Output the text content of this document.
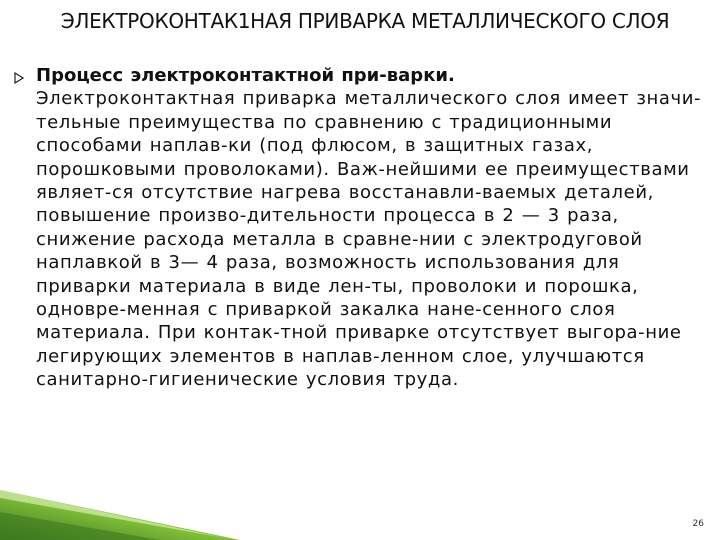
ЭЛЕКТРОКОНТАК1НАЯ ПРИВАРКА МЕТАЛЛИЧЕСКОГО СЛОЯ
Процесс электроконтактной при-варки.
Электроконтактная приварка металлического слоя имеет значи-тельные преимущества по сравнению с традиционными способами наплав-ки (под флюсом, в защитных газах, порошковыми проволоками). Важ-нейшими ее преимуществами являет-ся отсутствие нагрева восстанавли-ваемых деталей, повышение произво-дительности процесса в 2 — 3 раза, снижение расхода металла в сравне-нии с электродуговой наплавкой в 3— 4 раза, возможность использования для приварки материала в виде лен-ты, проволоки и порошка, одновре-менная с приваркой закалка нане-сенного слоя материала. При контак-тной приварке отсутствует выгора-ние легирующих элементов в наплав-ленном слое, улучшаются санитарно-гигиенические условия труда.
26
